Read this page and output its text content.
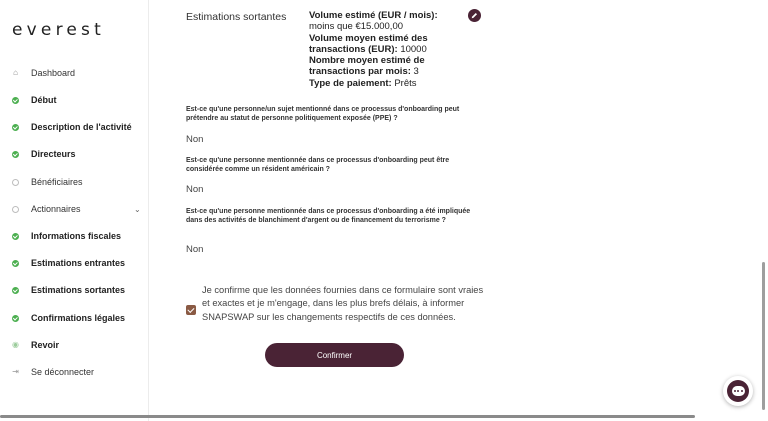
everest
⌂ Dashboard
Début
Description de l'activité
Directeurs
Bénéficiaires
Actionnaires	⌄
Informations fiscales
Estimations entrantes
Estimations sortantes
Confirmations légales
◉ Revoir
⇥ Se déconnecter
Estimations sortantes Volume estimé (EUR / mois): moins que €15.000,00
Volume moyen estimé des transactions (EUR): 10000
Nombre moyen estimé de transactions par mois: 3
Type de paiement: Prêts
Est-ce qu'une personne/un sujet mentionné dans ce processus d'onboarding peut prétendre au statut de personne politiquement exposée (PPE) ?
Non
Est-ce qu'une personne mentionnée dans ce processus d'onboarding peut être considérée comme un résident américain ?
Non
Est-ce qu'une personne mentionnée dans ce processus d'onboarding a été impliquée dans des activités de blanchiment d'argent ou de financement du terrorisme ?
Non
Je confirme que les données fournies dans ce formulaire sont vraies et exactes et je m'engage, dans les plus brefs délais, à informer SNAPSWAP sur les changements respectifs de ces données.
Confirmer
